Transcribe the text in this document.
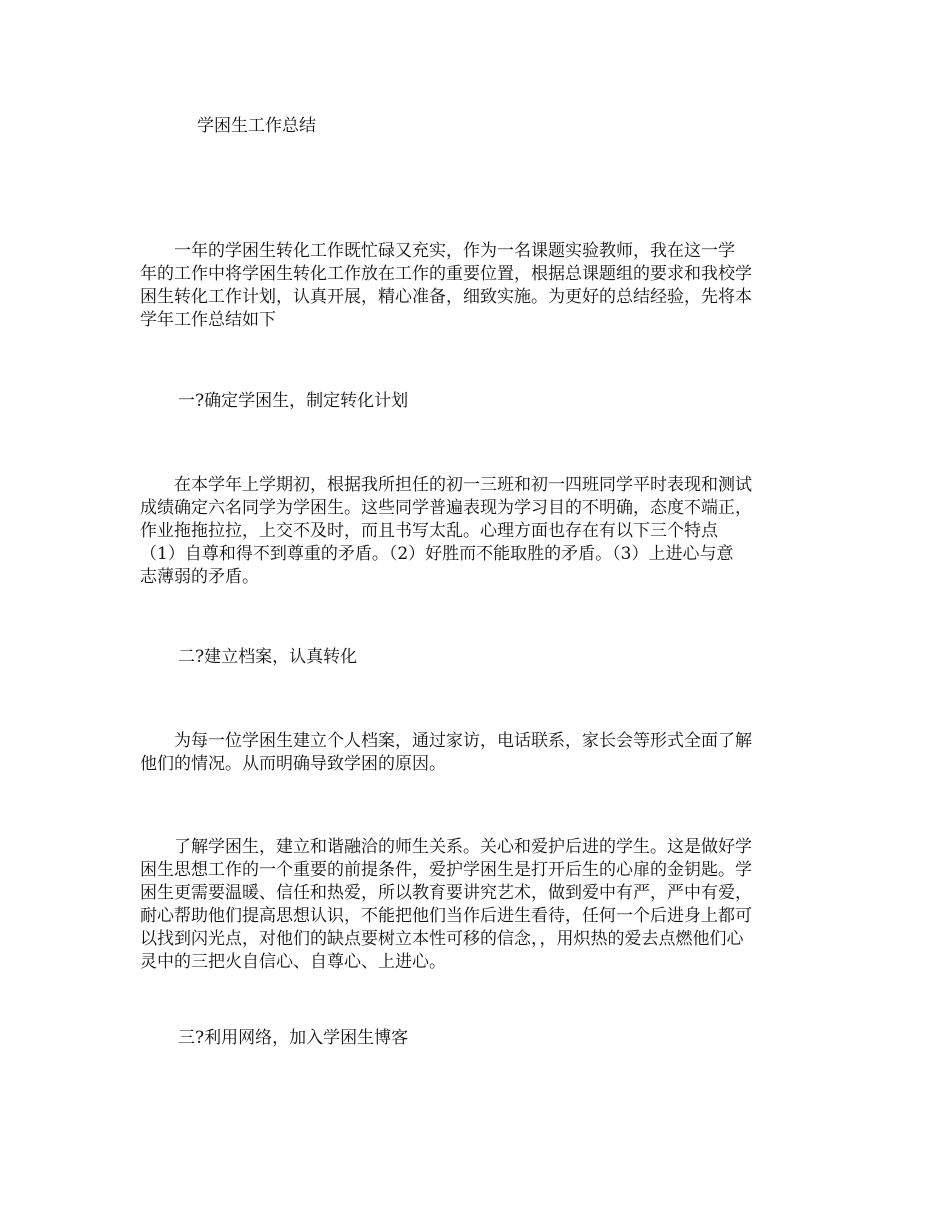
学困生工作总结

　　一年的学困生转化工作既忙碌又充实，作为一名课题实验教师，我在这一学
年的工作中将学困生转化工作放在工作的重要位置，根据总课题组的要求和我校学
困生转化工作计划，认真开展，精心准备，细致实施。为更好的总结经验，先将本
学年工作总结如下

一?确定学困生，制定转化计划

　　在本学年上学期初，根据我所担任的初一三班和初一四班同学平时表现和测试
成绩确定六名同学为学困生。这些同学普遍表现为学习目的不明确，态度不端正，
作业拖拖拉拉，上交不及时，而且书写太乱。心理方面也存在有以下三个特点
（1）自尊和得不到尊重的矛盾。（2）好胜而不能取胜的矛盾。（3）上进心与意
志薄弱的矛盾。

二?建立档案，认真转化

　　为每一位学困生建立个人档案，通过家访，电话联系，家长会等形式全面了解
他们的情况。从而明确导致学困的原因。

　　了解学困生，建立和谐融洽的师生关系。关心和爱护后进的学生。这是做好学
困生思想工作的一个重要的前提条件，爱护学困生是打开后生的心扉的金钥匙。学
困生更需要温暖、信任和热爱，所以教育要讲究艺术，做到爱中有严，严中有爱，
耐心帮助他们提高思想认识，不能把他们当作后进生看待，任何一个后进身上都可
以找到闪光点，对他们的缺点要树立本性可移的信念，，用炽热的爱去点燃他们心
灵中的三把火自信心、自尊心、上进心。

三?利用网络，加入学困生博客
